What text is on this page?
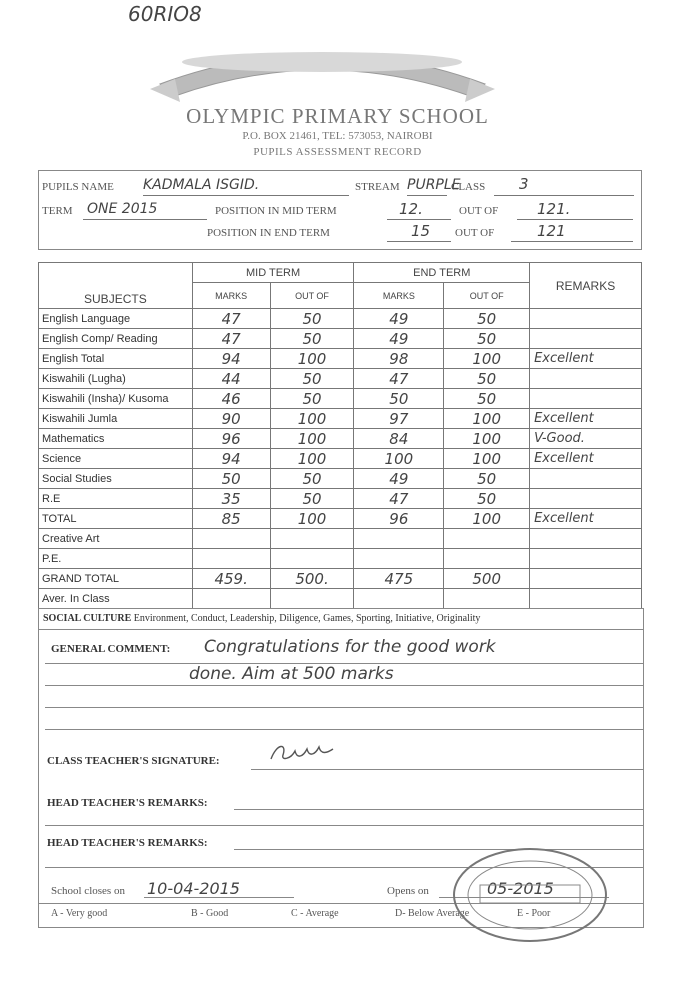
60RIO8
OLYMPIC PRIMARY SCHOOL
P.O. BOX 21461, TEL: 573053, NAIROBI
PUPILS ASSESSMENT RECORD
PUPILS NAME KADMALA ISGID.	STREAM PURPLE
CLASS 3
TERM ONE 2015	POSITION IN MID TERM	12.	OUT OF	121.
POSITION IN END TERM	15 OUT OF	121
SUBJECTS	MID TERM		END TERM		REMARKS
	MARKS	OUT OF	MARKS	OUT OF	
English Language	47	50	49	50	
English Comp/ Reading	47	50	49	50	
English Total	94	100	98	100	Excellent
Kiswahili (Lugha)	44	50	47	50	
Kiswahili (Insha)/ Kusoma	46	50	50	50	
Kiswahili Jumla	90	100	97	100	Excellent
Mathematics	96	100	84	100	V-Good.
Science	94	100	100	100	Excellent
Social Studies	50	50	49	50	
R.E	35	50	47	50	
TOTAL	85	100	96	100	Excellent
Creative Art					
P.E.					
GRAND TOTAL	459.	500.	475	500	
Aver. In Class					
SOCIAL CULTURE Environment, Conduct, Leadership, Diligence, Games, Sporting, Initiative, Originality
GENERAL COMMENT: Congratulations for the good work
done. Aim at 500 marks
CLASS TEACHER'S SIGNATURE:
HEAD TEACHER'S REMARKS:
HEAD TEACHER'S REMARKS:
School closes on 10-04-2015	Opens on	05-2015
A - Very good	B - Good	C - Average	D- Below Average	E - Poor
